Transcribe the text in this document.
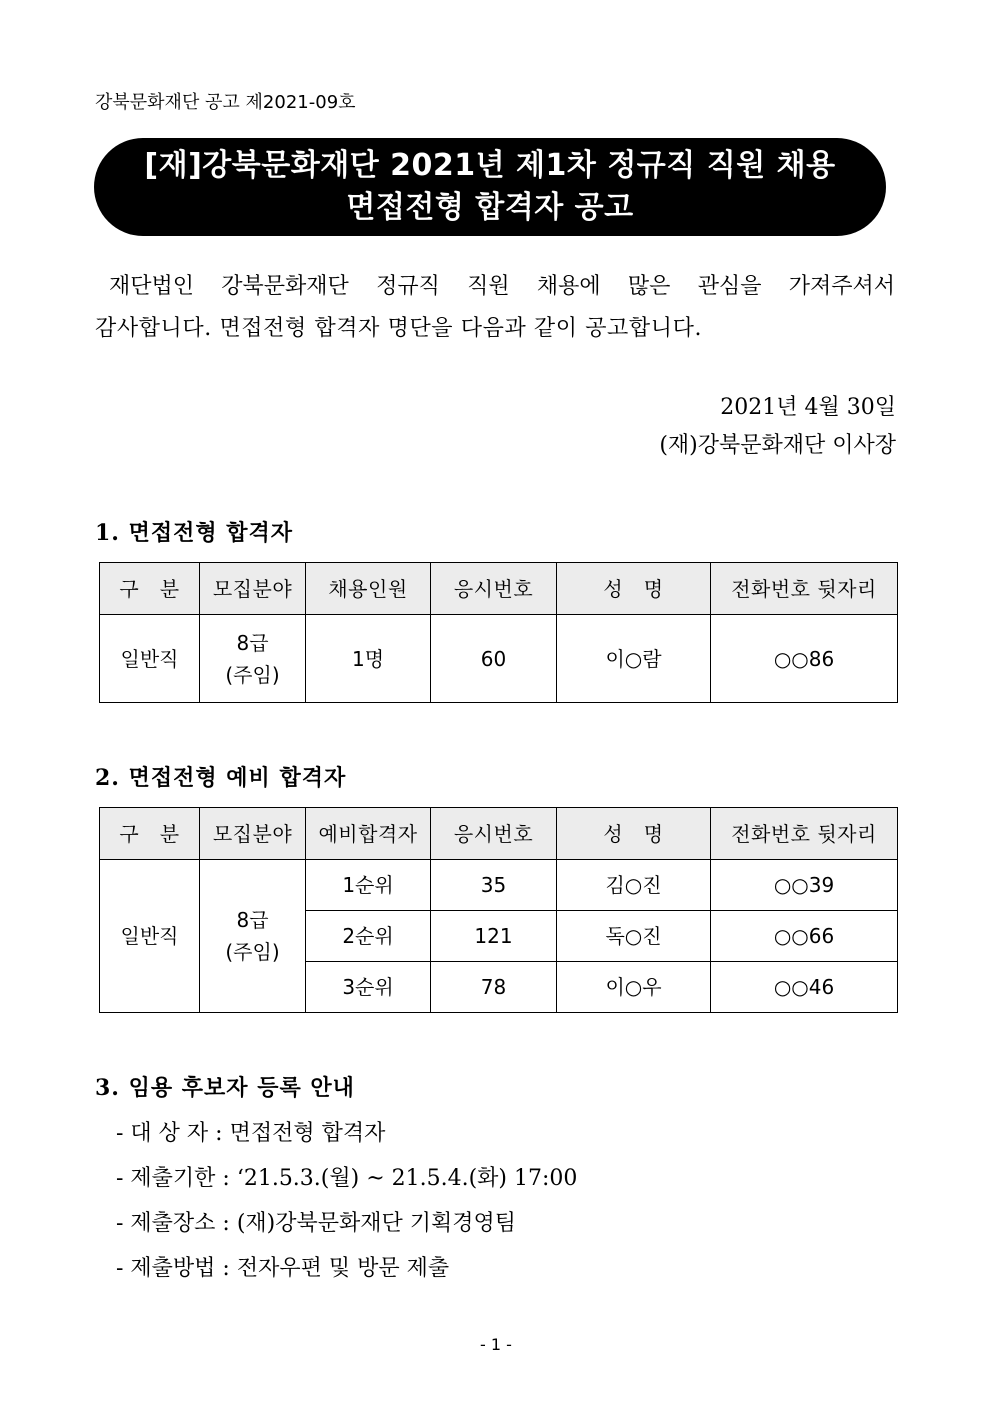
강북문화재단 공고 제2021-09호
[재]강북문화재단 2021년 제1차 정규직 직원 채용
면접전형 합격자 공고
재단법인 강북문화재단 정규직 직원 채용에 많은 관심을 가져주셔서
감사합니다. 면접전형 합격자 명단을 다음과 같이 공고합니다.
2021년 4월 30일
(재)강북문화재단 이사장
1. 면접전형 합격자
구   분	모집분야	채용인원	응시번호	성   명	전화번호 뒷자리
일반직	8급
(주임)	1명	60	이○람	○○86
2. 면접전형 예비 합격자
구   분	모집분야	예비합격자	응시번호	성   명	전화번호 뒷자리
일반직	8급
(주임)	1순위	35	김○진	○○39
		2순위	121	독○진	○○66
		3순위	78	이○우	○○46
3. 임용 후보자 등록 안내
- 대 상 자 : 면접전형 합격자
- 제출기한 : ‘21.5.3.(월) ~ 21.5.4.(화) 17:00
- 제출장소 : (재)강북문화재단 기획경영팀
- 제출방법 : 전자우편 및 방문 제출
- 1 -
